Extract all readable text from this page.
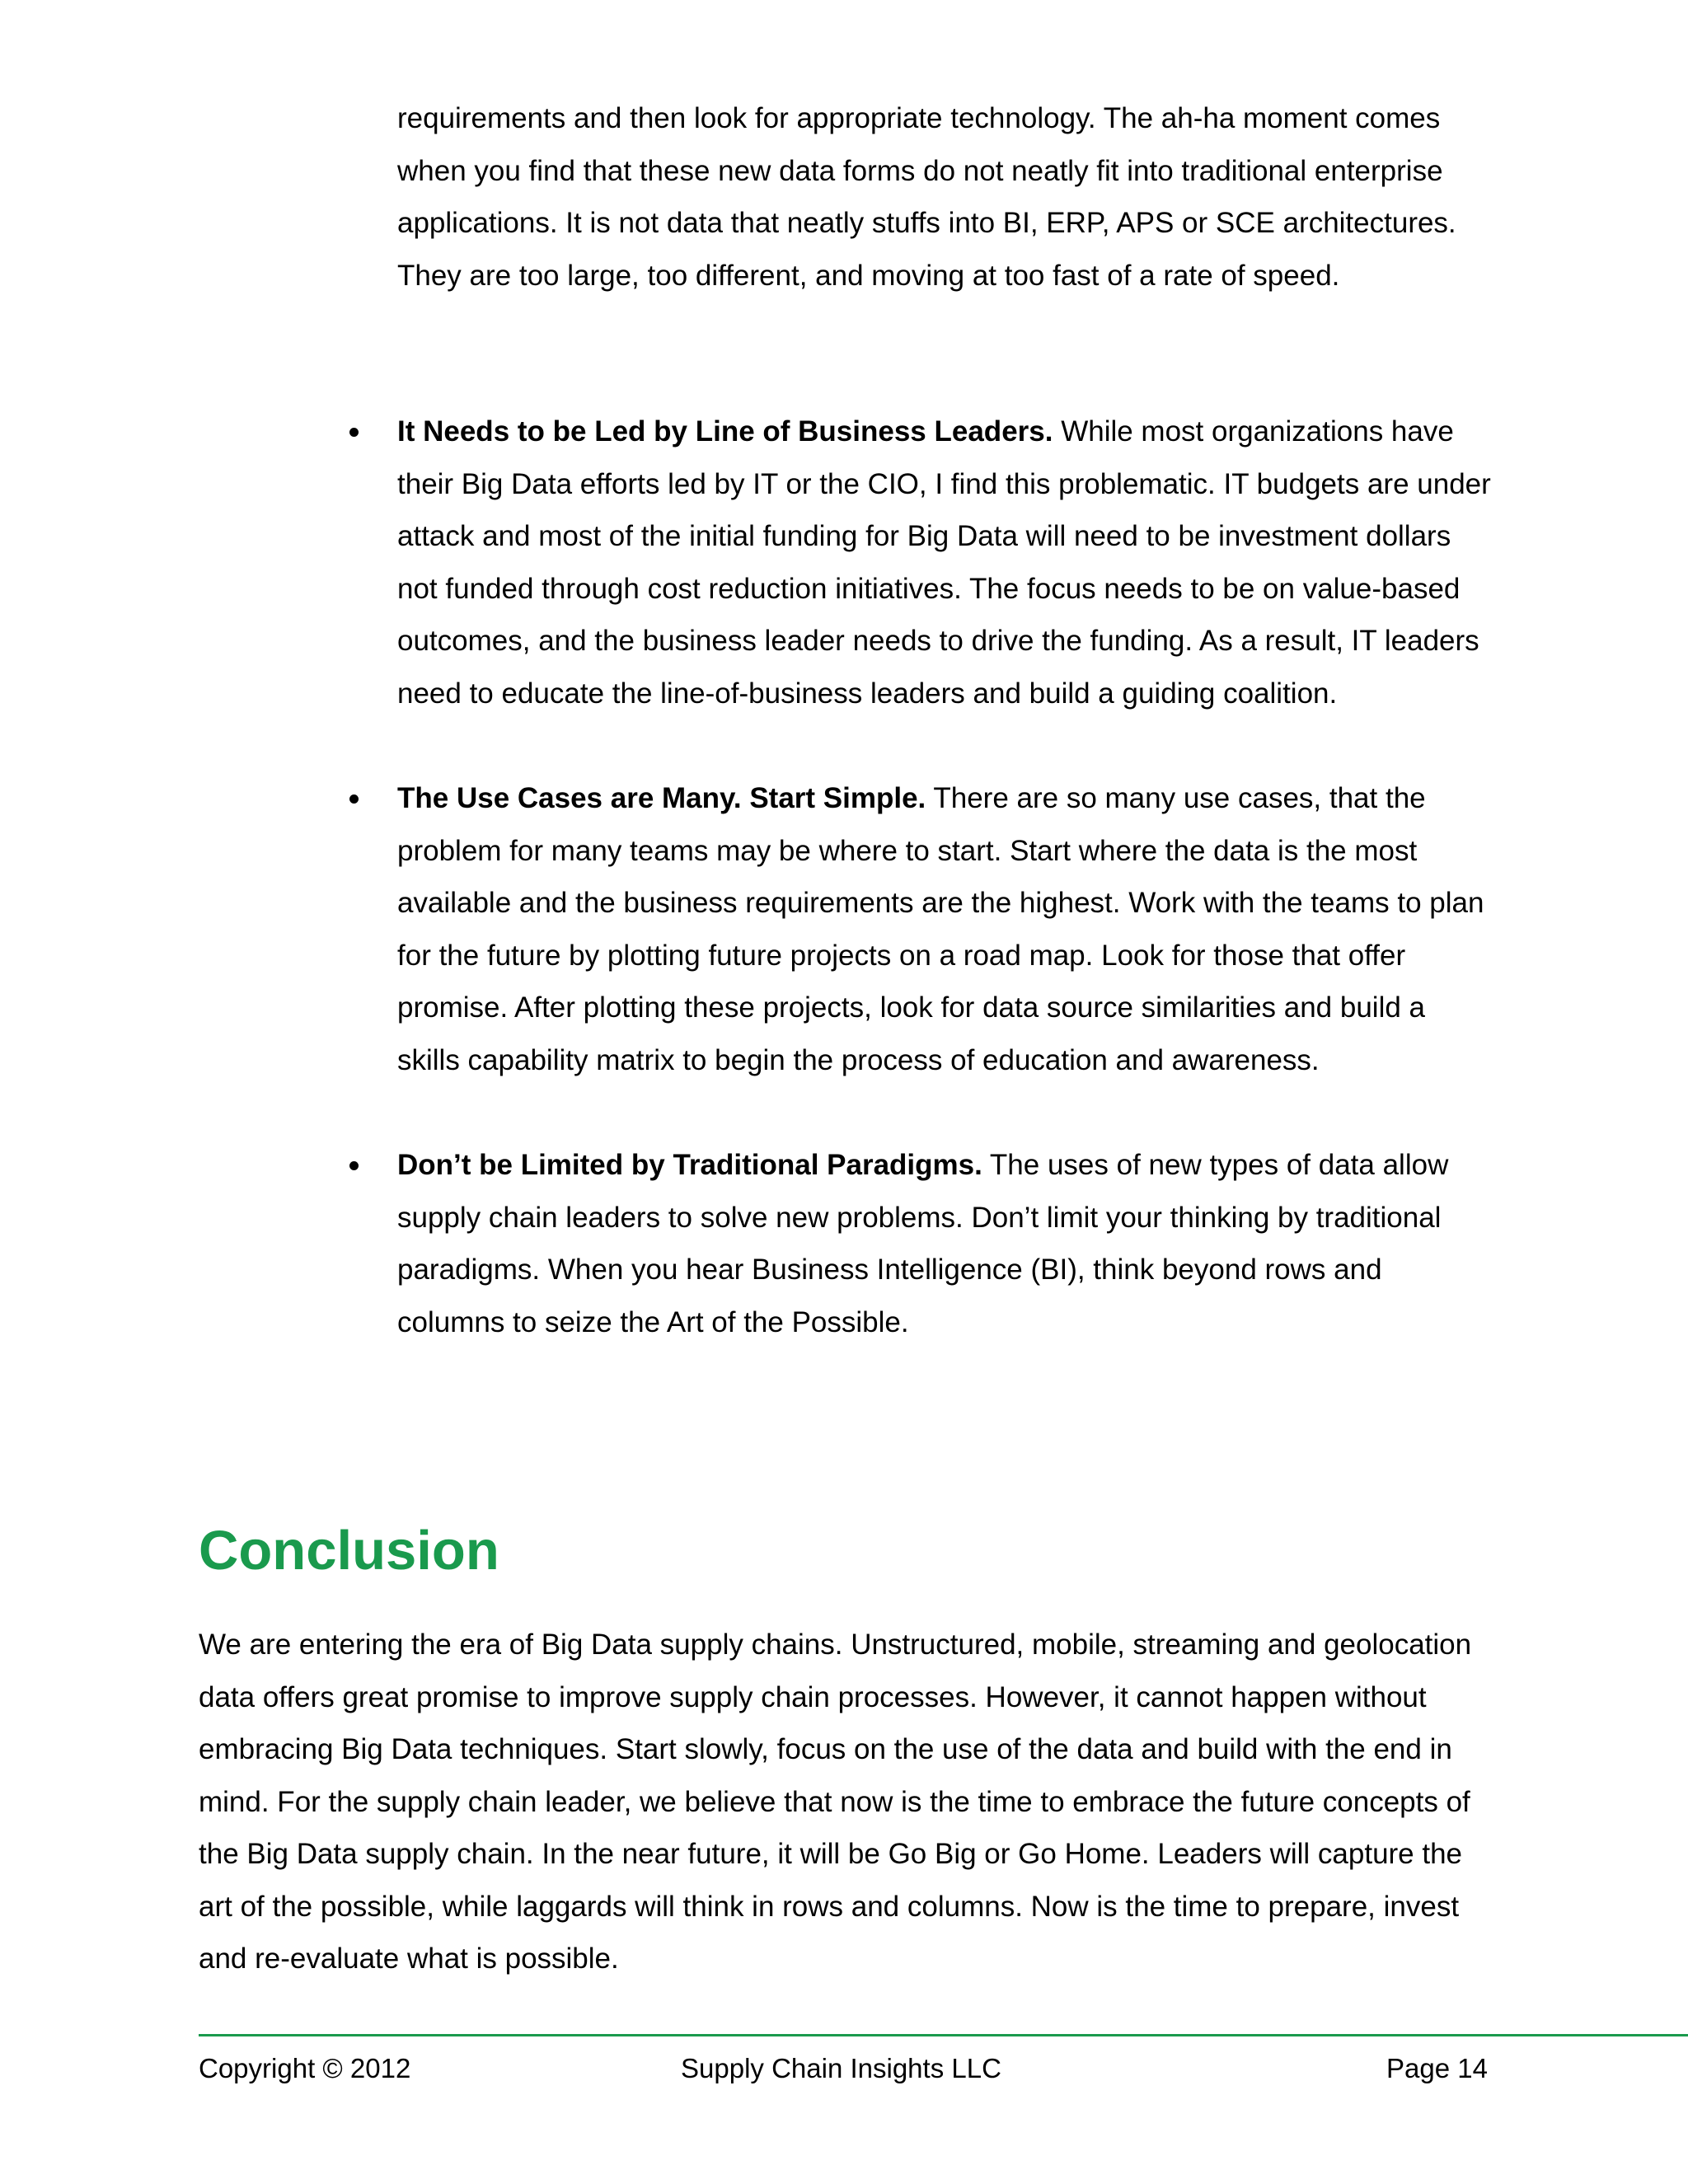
requirements and then look for appropriate technology. The ah-ha moment comes when you find that these new data forms do not neatly fit into traditional enterprise applications. It is not data that neatly stuffs into BI, ERP, APS or SCE architectures. They are too large, too different, and moving at too fast of a rate of speed.

It Needs to be Led by Line of Business Leaders. While most organizations have their Big Data efforts led by IT or the CIO, I find this problematic. IT budgets are under attack and most of the initial funding for Big Data will need to be investment dollars not funded through cost reduction initiatives. The focus needs to be on value-based outcomes, and the business leader needs to drive the funding. As a result, IT leaders need to educate the line-of-business leaders and build a guiding coalition.
The Use Cases are Many. Start Simple. There are so many use cases, that the problem for many teams may be where to start. Start where the data is the most available and the business requirements are the highest. Work with the teams to plan for the future by plotting future projects on a road map. Look for those that offer promise. After plotting these projects, look for data source similarities and build a skills capability matrix to begin the process of education and awareness.
Don’t be Limited by Traditional Paradigms. The uses of new types of data allow supply chain leaders to solve new problems. Don’t limit your thinking by traditional paradigms. When you hear Business Intelligence (BI), think beyond rows and columns to seize the Art of the Possible.
Conclusion

We are entering the era of Big Data supply chains. Unstructured, mobile, streaming and geolocation data offers great promise to improve supply chain processes. However, it cannot happen without embracing Big Data techniques. Start slowly, focus on the use of the data and build with the end in mind. For the supply chain leader, we believe that now is the time to embrace the future concepts of the Big Data supply chain. In the near future, it will be Go Big or Go Home. Leaders will capture the art of the possible, while laggards will think in rows and columns. Now is the time to prepare, invest and re-evaluate what is possible.

Copyright © 2012	Supply Chain Insights LLC	Page 14
